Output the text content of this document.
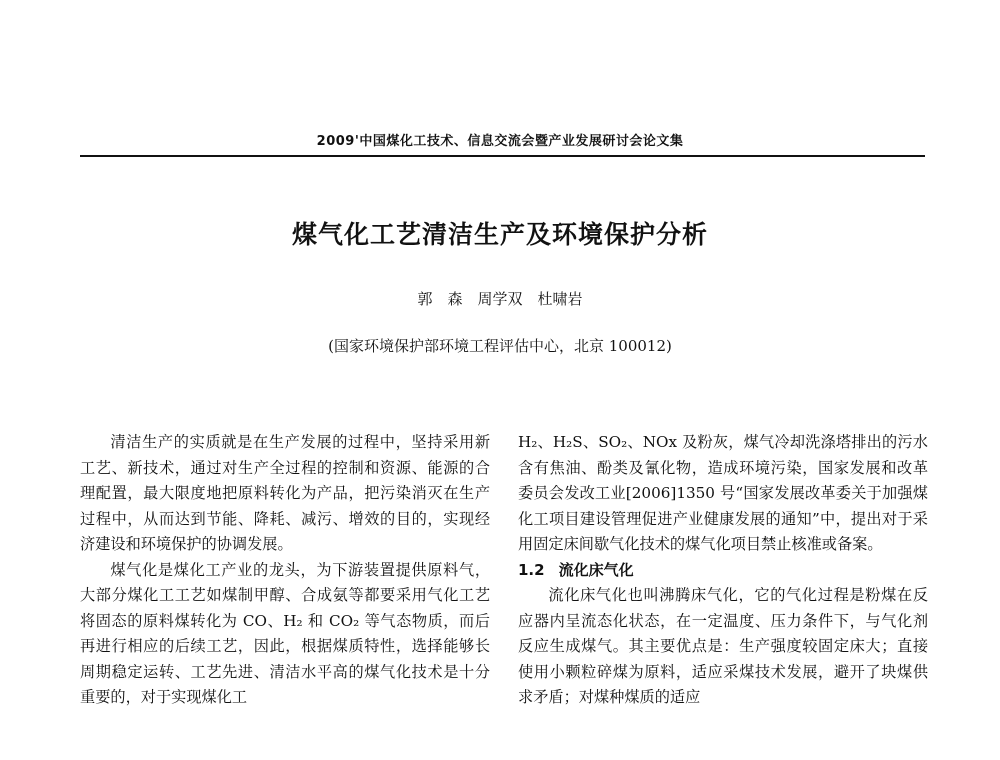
2009'中国煤化工技术、信息交流会暨产业发展研讨会论文集
煤气化工艺清洁生产及环境保护分析
郭　森　周学双　杜啸岩
(国家环境保护部环境工程评估中心，北京 100012)

清洁生产的实质就是在生产发展的过程中，坚持采用新工艺、新技术，通过对生产全过程的控制和资源、能源的合理配置，最大限度地把原料转化为产品，把污染消灭在生产过程中，从而达到节能、降耗、减污、增效的目的，实现经济建设和环境保护的协调发展。

煤气化是煤化工产业的龙头，为下游装置提供原料气，大部分煤化工工艺如煤制甲醇、合成氨等都要采用气化工艺将固态的原料煤转化为 CO、H₂ 和 CO₂ 等气态物质，而后再进行相应的后续工艺，因此，根据煤质特性，选择能够长周期稳定运转、工艺先进、清洁水平高的煤气化技术是十分重要的，对于实现煤化工

H₂、H₂S、SO₂、NOx 及粉灰，煤气冷却洗涤塔排出的污水含有焦油、酚类及氰化物，造成环境污染，国家发展和改革委员会发改工业[2006]1350 号“国家发展改革委关于加强煤化工项目建设管理促进产业健康发展的通知”中，提出对于采用固定床间歇气化技术的煤气化项目禁止核准或备案。

1.2 流化床气化

流化床气化也叫沸腾床气化，它的气化过程是粉煤在反应器内呈流态化状态，在一定温度、压力条件下，与气化剂反应生成煤气。其主要优点是：生产强度较固定床大；直接使用小颗粒碎煤为原料，适应采煤技术发展，避开了块煤供求矛盾；对煤种煤质的适应
